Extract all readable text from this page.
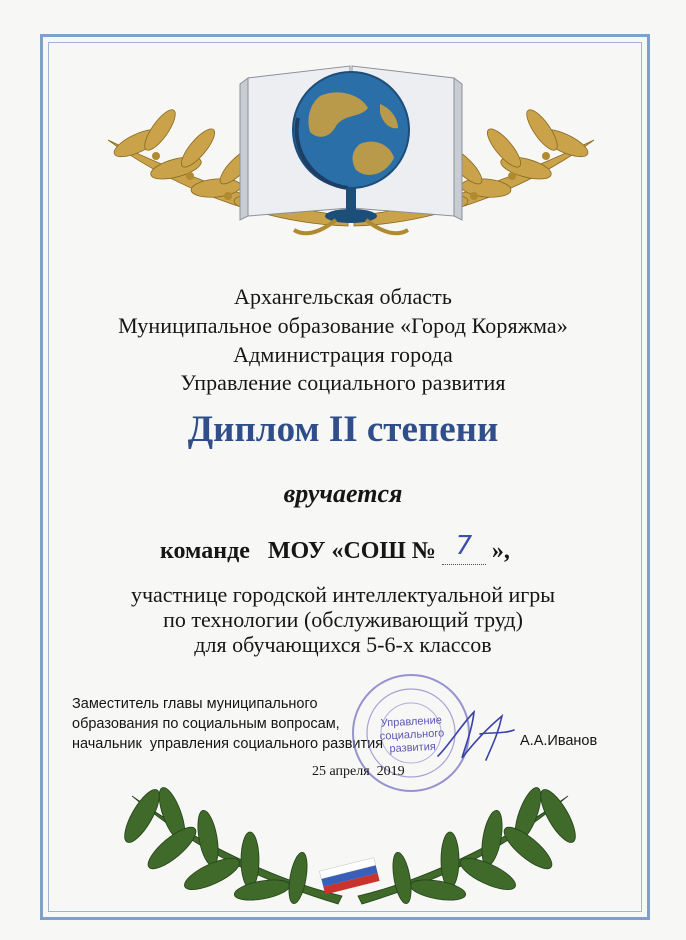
Архангельская область
Муниципальное образование «Город Коряжма»
Администрация города
Управление социального развития
Диплом II степени
вручается
команде   МОУ «СОШ № 7 »,
участнице городской интеллектуальной игры
по технологии (обслуживающий труд)
для обучающихся 5-6-х классов
Заместитель главы муниципального
образования по социальным вопросам,
начальник  управления социального развития
Управление
социального
развития	А.А.Иванов
25 апреля  2019
